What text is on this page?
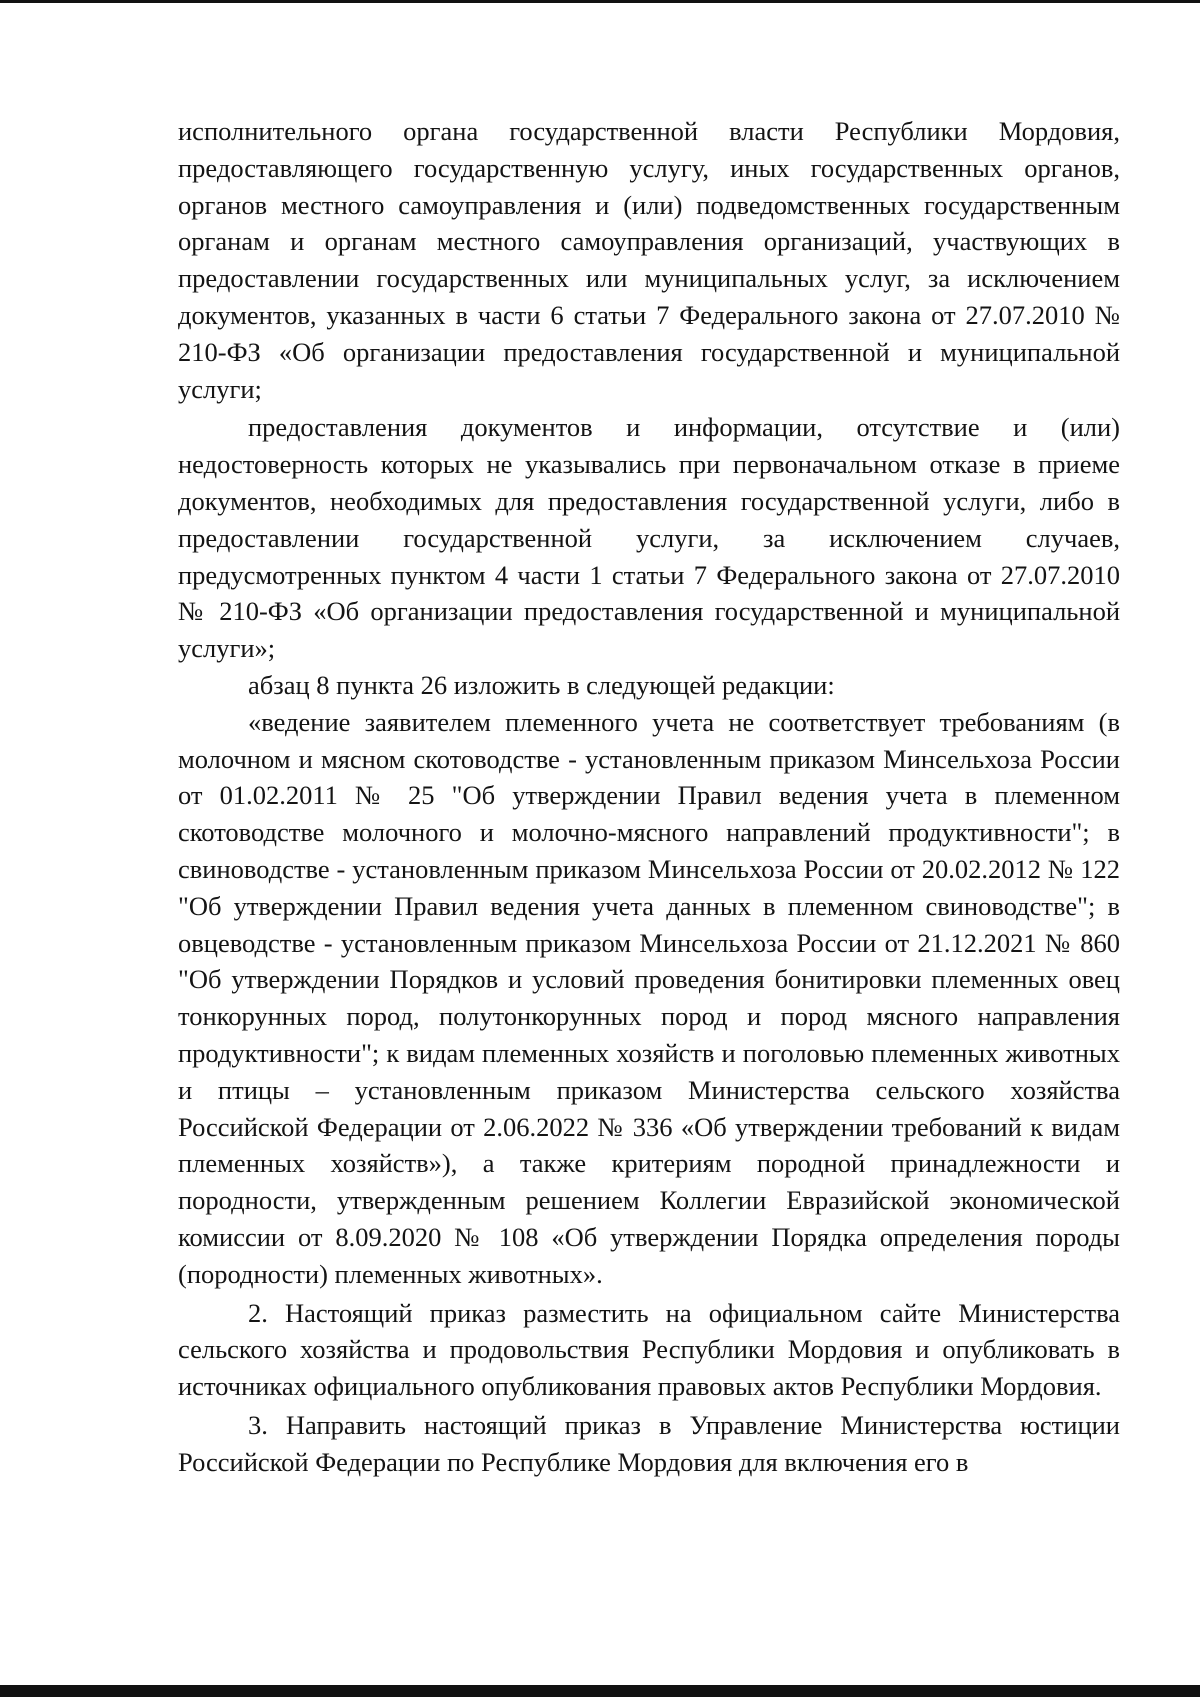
исполнительного органа государственной власти Республики Мордовия, предоставляющего государственную услугу, иных государственных органов, органов местного самоуправления и (или) подведомственных государственным органам и органам местного самоуправления организаций, участвующих в предоставлении государственных или муниципальных услуг, за исключением документов, указанных в части 6 статьи 7 Федерального закона от 27.07.2010 № 210-ФЗ «Об организации предоставления государственной и муниципальной услуги;

предоставления документов и информации, отсутствие и (или) недостоверность которых не указывались при первоначальном отказе в приеме документов, необходимых для предоставления государственной услуги, либо в предоставлении государственной услуги, за исключением случаев, предусмотренных пунктом 4 части 1 статьи 7 Федерального закона от 27.07.2010 № 210-ФЗ «Об организации предоставления государственной и муниципальной услуги»;

абзац 8 пункта 26 изложить в следующей редакции:

«ведение заявителем племенного учета не соответствует требованиям (в молочном и мясном скотоводстве - установленным приказом Минсельхоза России от 01.02.2011 № 25 "Об утверждении Правил ведения учета в племенном скотоводстве молочного и молочно-мясного направлений продуктивности"; в свиноводстве - установленным приказом Минсельхоза России от 20.02.2012 № 122 "Об утверждении Правил ведения учета данных в племенном свиноводстве"; в овцеводстве - установленным приказом Минсельхоза России от 21.12.2021 № 860 "Об утверждении Порядков и условий проведения бонитировки племенных овец тонкорунных пород, полутонкорунных пород и пород мясного направления продуктивности"; к видам племенных хозяйств и поголовью племенных животных и птицы – установленным приказом Министерства сельского хозяйства Российской Федерации от 2.06.2022 № 336 «Об утверждении требований к видам племенных хозяйств»), а также критериям породной принадлежности и породности, утвержденным решением Коллегии Евразийской экономической комиссии от 8.09.2020 № 108 «Об утверждении Порядка определения породы (породности) племенных животных».

2. Настоящий приказ разместить на официальном сайте Министерства сельского хозяйства и продовольствия Республики Мордовия и опубликовать в источниках официального опубликования правовых актов Республики Мордовия.

3. Направить настоящий приказ в Управление Министерства юстиции Российской Федерации по Республике Мордовия для включения его в
